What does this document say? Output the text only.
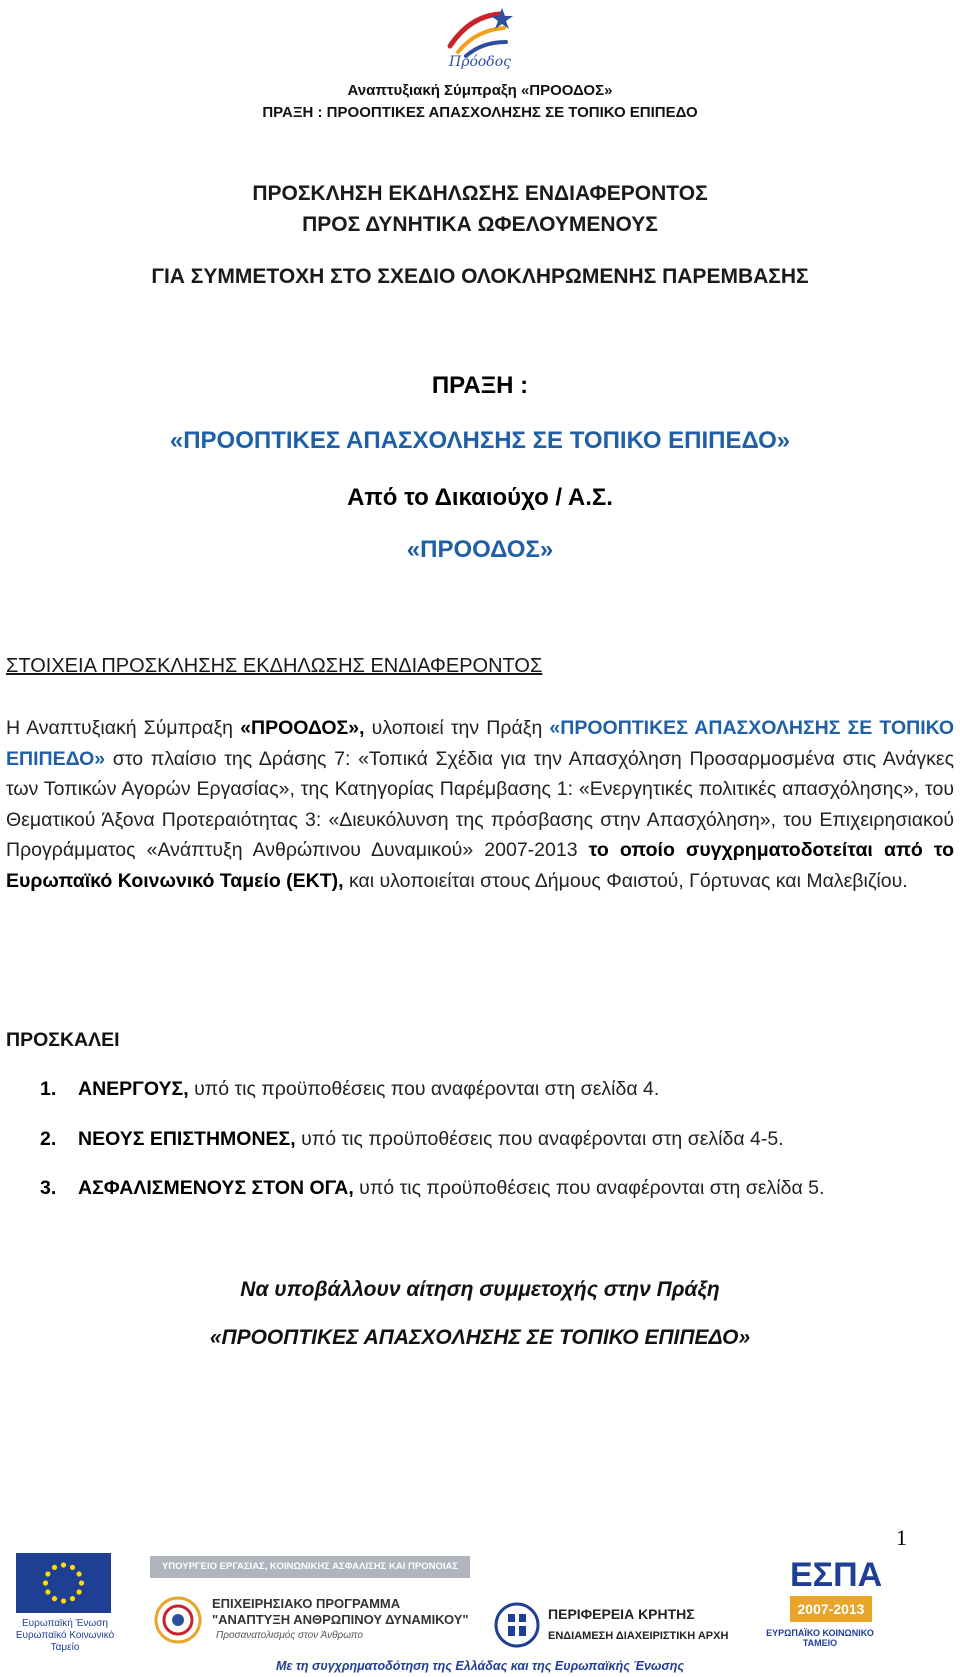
Πρόοδος
Αναπτυξιακή Σύμπραξη «ΠΡΟΟΔΟΣ»
ΠΡΑΞΗ : ΠΡΟΟΠΤΙΚΕΣ ΑΠΑΣΧΟΛΗΣΗΣ ΣΕ ΤΟΠΙΚΟ ΕΠΙΠΕΔΟ
ΠΡΟΣΚΛΗΣΗ ΕΚΔΗΛΩΣΗΣ ΕΝΔΙΑΦΕΡΟΝΤΟΣ
ΠΡΟΣ ΔΥΝΗΤΙΚΑ ΩΦΕΛΟΥΜΕΝΟΥΣ
ΓΙΑ ΣΥΜΜΕΤΟΧΗ ΣΤΟ ΣΧΕΔΙΟ ΟΛΟΚΛΗΡΩΜΕΝΗΣ ΠΑΡΕΜΒΑΣΗΣ
ΠΡΑΞΗ :
«ΠΡΟΟΠΤΙΚΕΣ ΑΠΑΣΧΟΛΗΣΗΣ ΣΕ ΤΟΠΙΚΟ ΕΠΙΠΕΔΟ»
Από το Δικαιούχο / Α.Σ.
«ΠΡΟΟΔΟΣ»
ΣΤΟΙΧΕΙΑ ΠΡΟΣΚΛΗΣΗΣ ΕΚΔΗΛΩΣΗΣ ΕΝΔΙΑΦΕΡΟΝΤΟΣ
Η Αναπτυξιακή Σύμπραξη «ΠΡΟΟΔΟΣ», υλοποιεί την Πράξη «ΠΡΟΟΠΤΙΚΕΣ ΑΠΑΣΧΟΛΗΣΗΣ ΣΕ ΤΟΠΙΚΟ ΕΠΙΠΕΔΟ» στο πλαίσιο της Δράσης 7: «Τοπικά Σχέδια για την Απασχόληση Προσαρμοσμένα στις Ανάγκες των Τοπικών Αγορών Εργασίας», της Κατηγορίας Παρέμβασης 1: «Ενεργητικές πολιτικές απασχόλησης», του Θεματικού Άξονα Προτεραιότητας 3: «Διευκόλυνση της πρόσβασης στην Απασχόληση», του Επιχειρησιακού Προγράμματος «Ανάπτυξη Ανθρώπινου Δυναμικού» 2007-2013 το οποίο συγχρηματοδοτείται από το Ευρωπαϊκό Κοινωνικό Ταμείο (ΕΚΤ), και υλοποιείται στους Δήμους Φαιστού, Γόρτυνας και Μαλεβιζίου.
ΠΡΟΣΚΑΛΕΙ
1. ΑΝΕΡΓΟΥΣ, υπό τις προϋποθέσεις που αναφέρονται στη σελίδα 4.
2. ΝΕΟΥΣ ΕΠΙΣΤΗΜΟΝΕΣ, υπό τις προϋποθέσεις που αναφέρονται στη σελίδα 4-5.
3. ΑΣΦΑΛΙΣΜΕΝΟΥΣ ΣΤΟΝ ΟΓΑ, υπό τις προϋποθέσεις που αναφέρονται στη σελίδα 5.
Να υποβάλλουν αίτηση συμμετοχής στην Πράξη
«ΠΡΟΟΠΤΙΚΕΣ ΑΠΑΣΧΟΛΗΣΗΣ ΣΕ ΤΟΠΙΚΟ ΕΠΙΠΕΔΟ»
1
Ευρωπαϊκή Ένωση
Ευρωπαϊκό Κοινωνικό Ταμείο
ΥΠΟΥΡΓΕΙΟ ΕΡΓΑΣΙΑΣ, ΚΟΙΝΩΝΙΚΗΣ ΑΣΦΑΛΙΣΗΣ ΚΑΙ ΠΡΟΝΟΙΑΣ
ΕΠΙΧΕΙΡΗΣΙΑΚΟ ΠΡΟΓΡΑΜΜΑ
"ΑΝΑΠΤΥΞΗ ΑΝΘΡΩΠΙΝΟΥ ΔΥΝΑΜΙΚΟΥ"
Προσανατολισμός στον Άνθρωπο
ΠΕΡΙΦΕΡΕΙΑ ΚΡΗΤΗΣ
ΕΝΔΙΑΜΕΣΗ ΔΙΑΧΕΙΡΙΣΤΙΚΗ ΑΡΧΗ
ΕΣΠΑ
2007-2013
ΕΥΡΩΠΑΪΚΟ ΚΟΙΝΩΝΙΚΟ ΤΑΜΕΙΟ
Με τη συγχρηματοδότηση της Ελλάδας και της Ευρωπαϊκής Ένωσης
